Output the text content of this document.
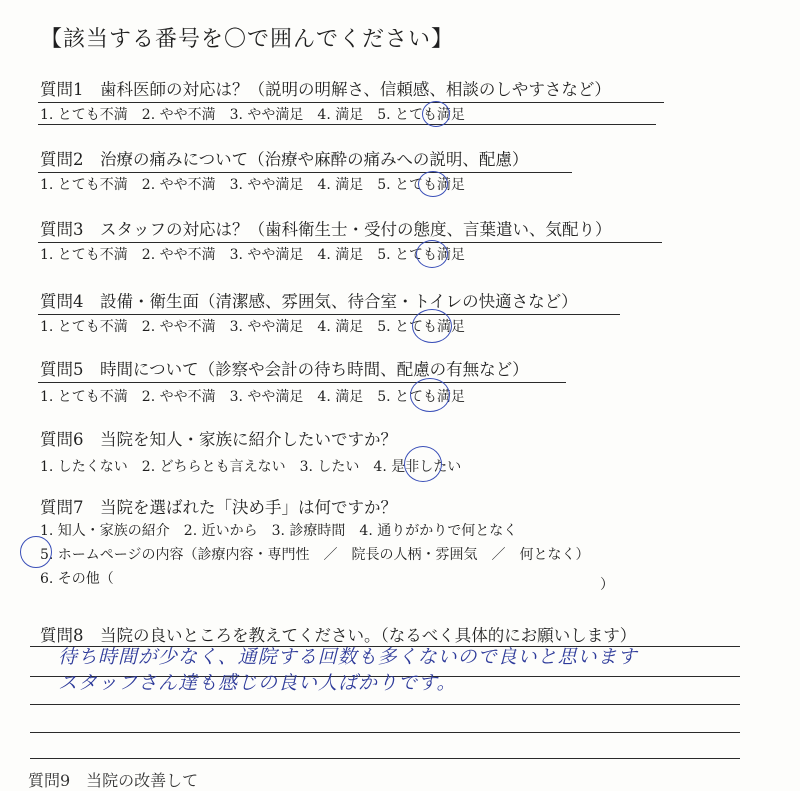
【該当する番号を〇で囲んでください】
質問1　歯科医師の対応は？（説明の明解さ、信頼感、相談のしやすさなど）
1. とても不満　2. やや不満　3. やや満足　4. 満足　5. とても満足
質問2　治療の痛みについて（治療や麻酔の痛みへの説明、配慮）
1. とても不満　2. やや不満　3. やや満足　4. 満足　5. とても満足
質問3　スタッフの対応は？（歯科衛生士・受付の態度、言葉遣い、気配り）
1. とても不満　2. やや不満　3. やや満足　4. 満足　5. とても満足
質問4　設備・衛生面（清潔感、雰囲気、待合室・トイレの快適さなど）
1. とても不満　2. やや不満　3. やや満足　4. 満足　5. とても満足
質問5　時間について（診察や会計の待ち時間、配慮の有無など）
1. とても不満　2. やや不満　3. やや満足　4. 満足　5. とても満足
質問6　当院を知人・家族に紹介したいですか？
1. したくない　2. どちらとも言えない　3. したい　4. 是非したい
質問7　当院を選ばれた「決め手」は何ですか？
1. 知人・家族の紹介　2. 近いから　3. 診療時間　4. 通りがかりで何となく
5. ホームページの内容（診療内容・専門性　／　院長の人柄・雰囲気　／　何となく）
6. その他（	）
質問8　当院の良いところを教えてください。（なるべく具体的にお願いします）
待ち時間が少なく、通院する回数も多くないので良いと思います
スタッフさん達も感じの良い人ばかりです。
質問9　当院の改善して
